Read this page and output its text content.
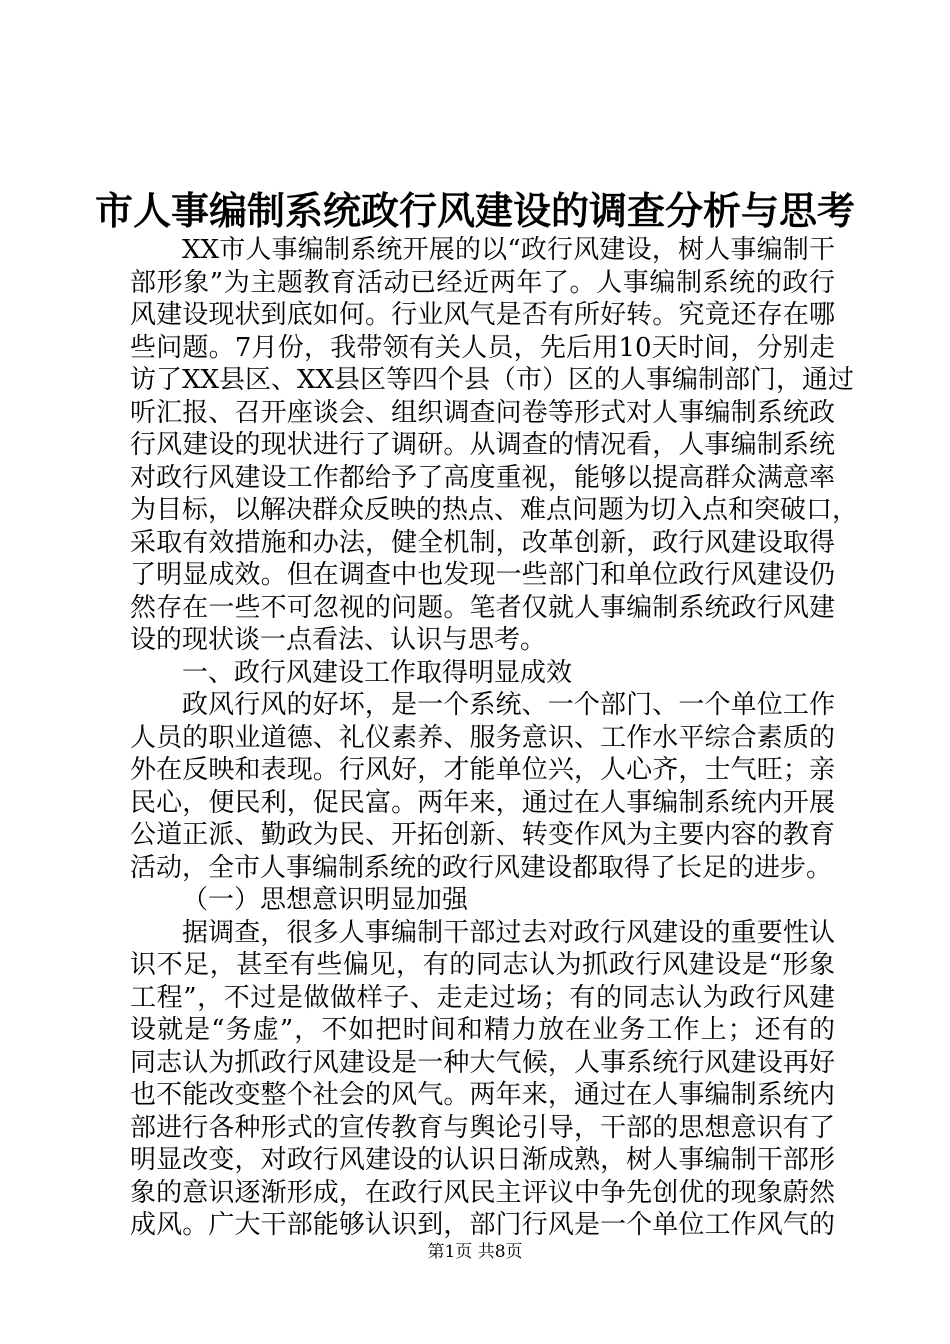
市人事编制系统政行风建设的调查分析与思考
XX市人事编制系统开展的以“政行风建设，树人事编制干
部形象”为主题教育活动已经近两年了。人事编制系统的政行
风建设现状到底如何。行业风气是否有所好转。究竟还存在哪
些问题。7月份，我带领有关人员，先后用10天时间，分别走
访了XX县区、XX县区等四个县（市）区的人事编制部门，通过
听汇报、召开座谈会、组织调查问卷等形式对人事编制系统政
行风建设的现状进行了调研。从调查的情况看，人事编制系统
对政行风建设工作都给予了高度重视，能够以提高群众满意率
为目标，以解决群众反映的热点、难点问题为切入点和突破口，
采取有效措施和办法，健全机制，改革创新，政行风建设取得
了明显成效。但在调查中也发现一些部门和单位政行风建设仍
然存在一些不可忽视的问题。笔者仅就人事编制系统政行风建
设的现状谈一点看法、认识与思考。
一、政行风建设工作取得明显成效
政风行风的好坏，是一个系统、一个部门、一个单位工作
人员的职业道德、礼仪素养、服务意识、工作水平综合素质的
外在反映和表现。行风好，才能单位兴，人心齐，士气旺；亲
民心，便民利，促民富。两年来，通过在人事编制系统内开展
公道正派、勤政为民、开拓创新、转变作风为主要内容的教育
活动，全市人事编制系统的政行风建设都取得了长足的进步。
（一）思想意识明显加强
据调查，很多人事编制干部过去对政行风建设的重要性认
识不足，甚至有些偏见，有的同志认为抓政行风建设是“形象
工程”，不过是做做样子、走走过场；有的同志认为政行风建
设就是“务虚”，不如把时间和精力放在业务工作上；还有的
同志认为抓政行风建设是一种大气候，人事系统行风建设再好
也不能改变整个社会的风气。两年来，通过在人事编制系统内
部进行各种形式的宣传教育与舆论引导，干部的思想意识有了
明显改变，对政行风建设的认识日渐成熟，树人事编制干部形
象的意识逐渐形成，在政行风民主评议中争先创优的现象蔚然
成风。广大干部能够认识到，部门行风是一个单位工作风气的
第1页 共8页
